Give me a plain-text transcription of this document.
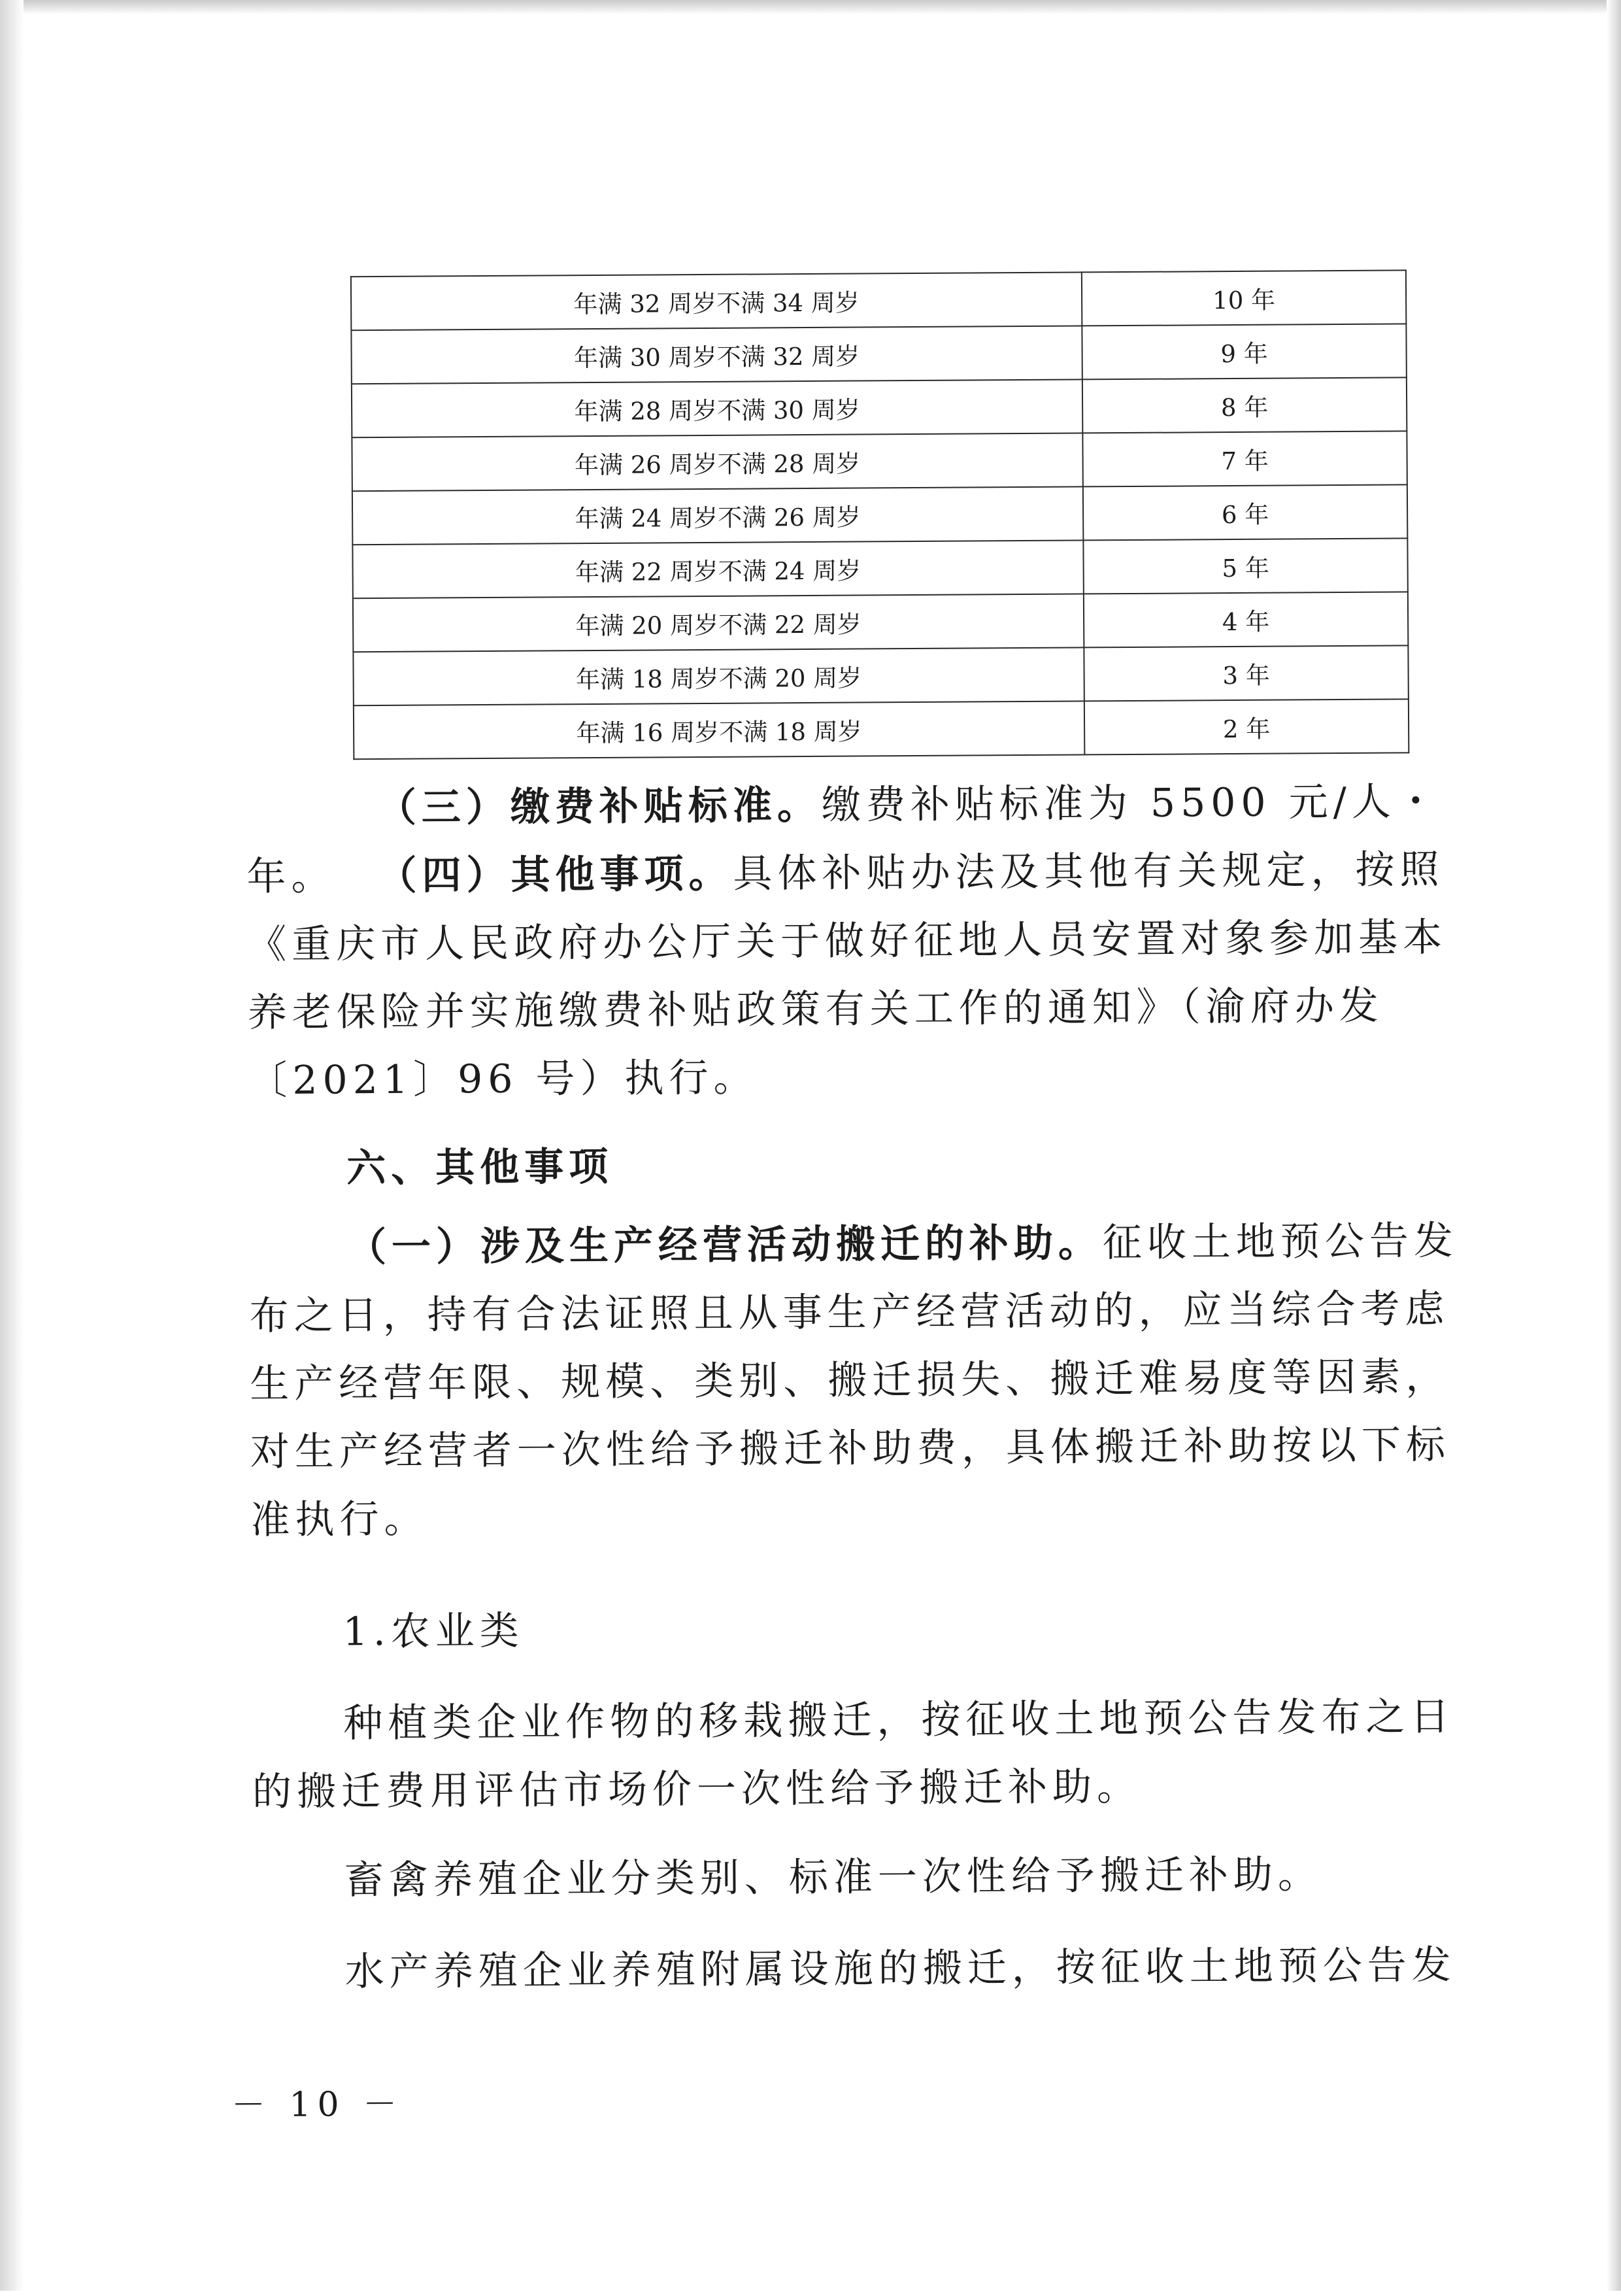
年满 32 周岁不满 34 周岁	10 年
年满 30 周岁不满 32 周岁	9 年
年满 28 周岁不满 30 周岁	8 年
年满 26 周岁不满 28 周岁	7 年
年满 24 周岁不满 26 周岁	6 年
年满 22 周岁不满 24 周岁	5 年
年满 20 周岁不满 22 周岁	4 年
年满 18 周岁不满 20 周岁	3 年
年满 16 周岁不满 18 周岁	2 年

（三）缴费补贴标准。缴费补贴标准为 5500 元/人・年。	（四）其他事项。具体补贴办法及其他有关规定，按照《重庆市人民政府办公厅关于做好征地人员安置对象参加基本养老保险并实施缴费补贴政策有关工作的通知》（渝府办发〔2021〕96 号）执行。

六、其他事项

（一）涉及生产经营活动搬迁的补助。征收土地预公告发布之日，持有合法证照且从事生产经营活动的，应当综合考虑生产经营年限、规模、类别、搬迁损失、搬迁难易度等因素，对生产经营者一次性给予搬迁补助费，具体搬迁补助按以下标准执行。

1.农业类

种植类企业作物的移栽搬迁，按征收土地预公告发布之日的搬迁费用评估市场价一次性给予搬迁补助。

畜禽养殖企业分类别、标准一次性给予搬迁补助。

水产养殖企业养殖附属设施的搬迁，按征收土地预公告发

－ 10 －
